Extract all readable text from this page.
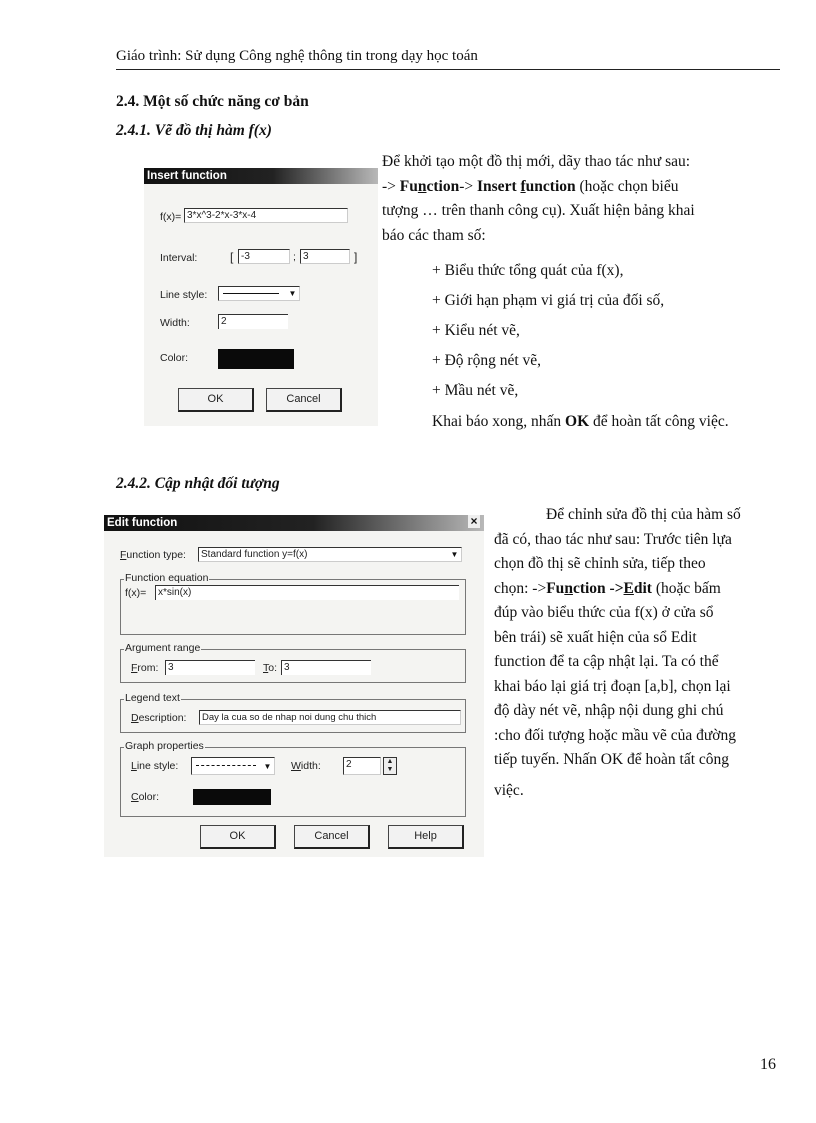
Giáo trình: Sử dụng Công nghệ thông tin trong dạy học toán
2.4. Một số chức năng cơ bản
2.4.1. Vẽ đồ thị hàm f(x)
Insert function
f(x)= 3*x^3-2*x-3*x-4
Interval:	[ -3	; 3	]
Line style:	▼
Width:	2
Color:
OK	Cancel
Để khởi tạo một đồ thị mới, dãy thao tác như sau:
-> Function-> Insert function (hoặc chọn biểu
tượng … trên thanh công cụ). Xuất hiện bảng khai
báo các tham số:
+ Biểu thức tổng quát của f(x),
+ Giới hạn phạm vi giá trị của đối số,
+ Kiểu nét vẽ,
+ Độ rộng nét vẽ,
+ Mầu nét vẽ,
Khai báo xong, nhấn OK để hoàn tất công việc.
2.4.2. Cập nhật đối tượng
Edit function	×
Function type:	Standard function y=f(x)	▼
Function equation
f(x)=	x*sin(x)
Argument range
From: 3	To: 3
Legend text
Description:	Day la cua so de nhap noi dung chu thich
Graph properties
Line style:	▼ Width:	2	▲
▼
Color:
OK	Cancel	Help
Để chỉnh sửa đồ thị của hàm số
đã có, thao tác như sau: Trước tiên lựa
chọn đồ thị sẽ chỉnh sửa, tiếp theo
chọn: ->Function ->Edit (hoặc bấm
đúp vào biểu thức của f(x) ở cửa sổ
bên trái) sẽ xuất hiện của sổ Edit
function để ta cập nhật lại. Ta có thể
khai báo lại giá trị đoạn [a,b], chọn lại
độ dày nét vẽ, nhập nội dung ghi chú
:cho đối tượng hoặc mầu vẽ của đường
tiếp tuyến. Nhấn OK để hoàn tất công
việc.
16
